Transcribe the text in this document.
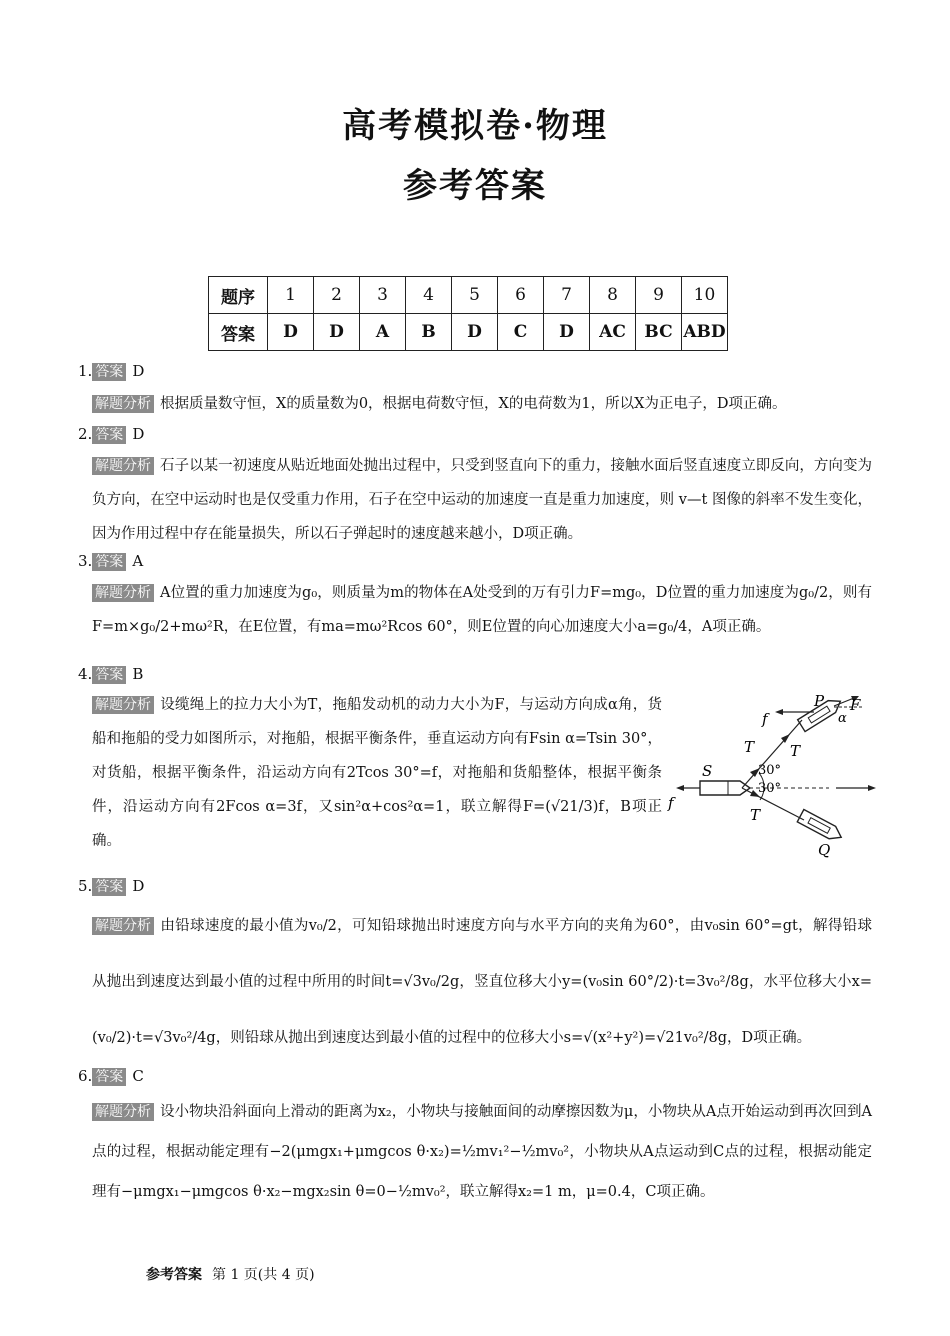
高考模拟卷·物理
参考答案
题序	1	2	3	4	5	6	7	8	9	10
答案	D	D	A	B	D	C	D	AC	BC	ABD
1. 答案 D
解题分析 根据质量数守恒，X的质量数为0，根据电荷数守恒，X的电荷数为1，所以X为正电子，D项正确。
2. 答案 D
解题分析 石子以某一初速度从贴近地面处抛出过程中，只受到竖直向下的重力，接触水面后竖直速度立即反向，方向变为负方向，在空中运动时也是仅受重力作用，石子在空中运动的加速度一直是重力加速度，则 v—t 图像的斜率不发生变化，因为作用过程中存在能量损失，所以石子弹起时的速度越来越小，D项正确。
3. 答案 A
解题分析 A位置的重力加速度为g₀，则质量为m的物体在A处受到的万有引力F=mg₀，D位置的重力加速度为g₀/2，则有F=m×g₀/2+mω²R，在E位置，有ma=mω²Rcos 60°，则E位置的向心加速度大小a=g₀/4，A项正确。
4. 答案 B
解题分析 设缆绳上的拉力大小为T，拖船发动机的动力大小为F，与运动方向成α角，货船和拖船的受力如图所示，对拖船，根据平衡条件，垂直运动方向有Fsin α=Tsin 30°，对货船，根据平衡条件，沿运动方向有2Tcos 30°=f，对拖船和货船整体，根据平衡条件，沿运动方向有2Fcos α=3f，又sin²α+cos²α=1，联立解得F=(√21/3)f，B项正确。
P F
α
f
T T
S
f
30°
30°
T
Q
5. 答案 D
解题分析 由铅球速度的最小值为v₀/2，可知铅球抛出时速度方向与水平方向的夹角为60°，由v₀sin 60°=gt，解得铅球从抛出到速度达到最小值的过程中所用的时间t=√3v₀/2g，竖直位移大小y=(v₀sin 60°/2)·t=3v₀²/8g，水平位移大小x=(v₀/2)·t=√3v₀²/4g，则铅球从抛出到速度达到最小值的过程中的位移大小s=√(x²+y²)=√21v₀²/8g，D项正确。
6. 答案 C
解题分析 设小物块沿斜面向上滑动的距离为x₂，小物块与接触面间的动摩擦因数为μ，小物块从A点开始运动到再次回到A点的过程，根据动能定理有−2(μmgx₁+μmgcos θ·x₂)=½mv₁²−½mv₀²，小物块从A点运动到C点的过程，根据动能定理有−μmgx₁−μmgcos θ·x₂−mgx₂sin θ=0−½mv₀²，联立解得x₂=1 m，μ=0.4，C项正确。
参考答案 第 1 页(共 4 页)
